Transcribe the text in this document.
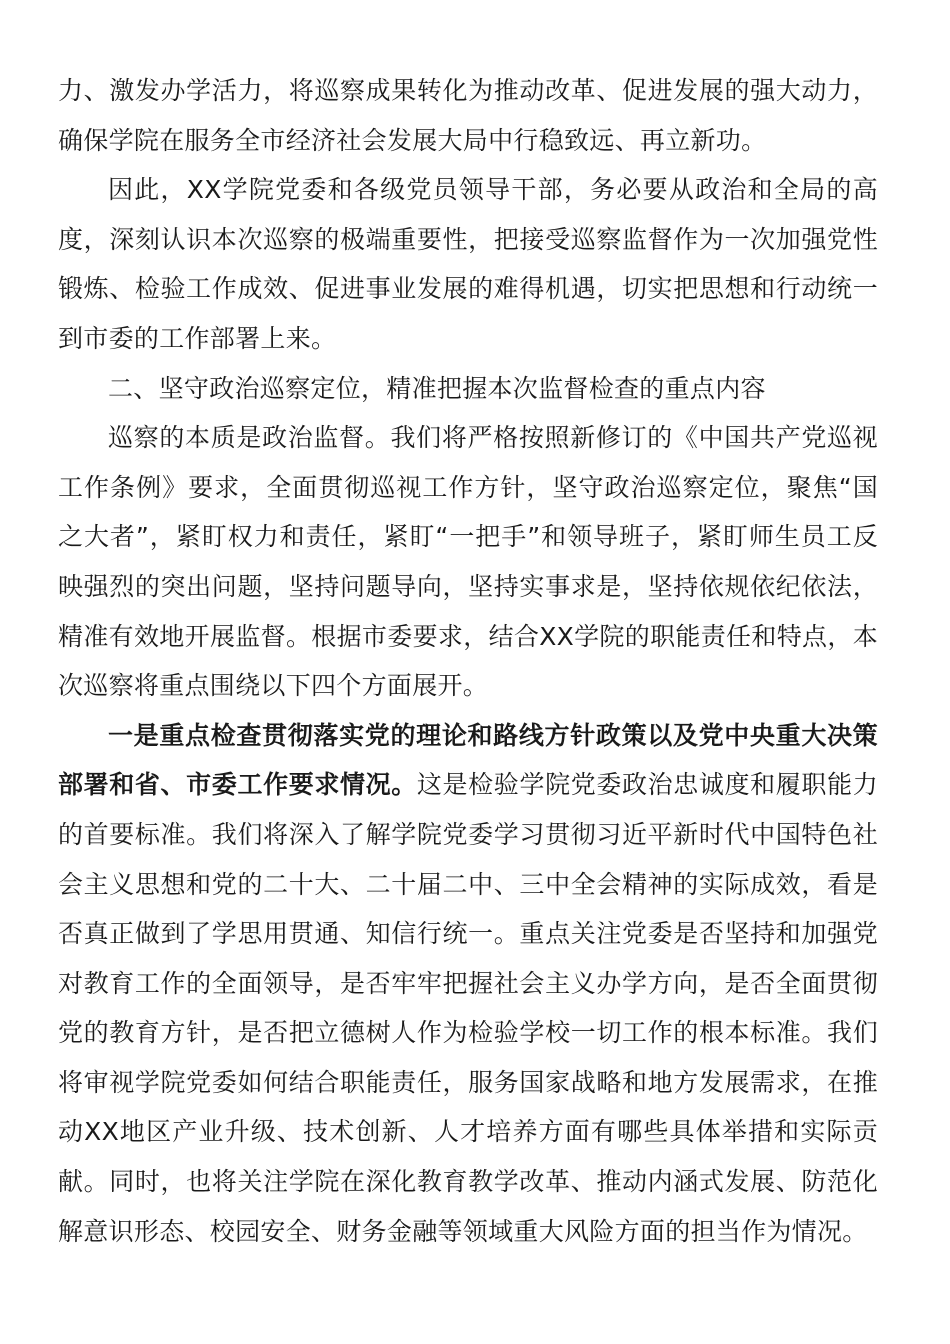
力、激发办学活力，将巡察成果转化为推动改革、促进发展的强大动力，确保学院在服务全市经济社会发展大局中行稳致远、再立新功。

因此，XX学院党委和各级党员领导干部，务必要从政治和全局的高度，深刻认识本次巡察的极端重要性，把接受巡察监督作为一次加强党性锻炼、检验工作成效、促进事业发展的难得机遇，切实把思想和行动统一到市委的工作部署上来。

二、坚守政治巡察定位，精准把握本次监督检查的重点内容

巡察的本质是政治监督。我们将严格按照新修订的《中国共产党巡视工作条例》要求，全面贯彻巡视工作方针，坚守政治巡察定位，聚焦“国之大者”，紧盯权力和责任，紧盯“一把手”和领导班子，紧盯师生员工反映强烈的突出问题，坚持问题导向，坚持实事求是，坚持依规依纪依法，精准有效地开展监督。根据市委要求，结合XX学院的职能责任和特点，本次巡察将重点围绕以下四个方面展开。

一是重点检查贯彻落实党的理论和路线方针政策以及党中央重大决策部署和省、市委工作要求情况。这是检验学院党委政治忠诚度和履职能力的首要标准。我们将深入了解学院党委学习贯彻习近平新时代中国特色社会主义思想和党的二十大、二十届二中、三中全会精神的实际成效，看是否真正做到了学思用贯通、知信行统一。重点关注党委是否坚持和加强党对教育工作的全面领导，是否牢牢把握社会主义办学方向，是否全面贯彻党的教育方针，是否把立德树人作为检验学校一切工作的根本标准。我们将审视学院党委如何结合职能责任，服务国家战略和地方发展需求，在推动XX地区产业升级、技术创新、人才培养方面有哪些具体举措和实际贡献。同时，也将关注学院在深化教育教学改革、推动内涵式发展、防范化解意识形态、校园安全、财务金融等领域重大风险方面的担当作为情况。
